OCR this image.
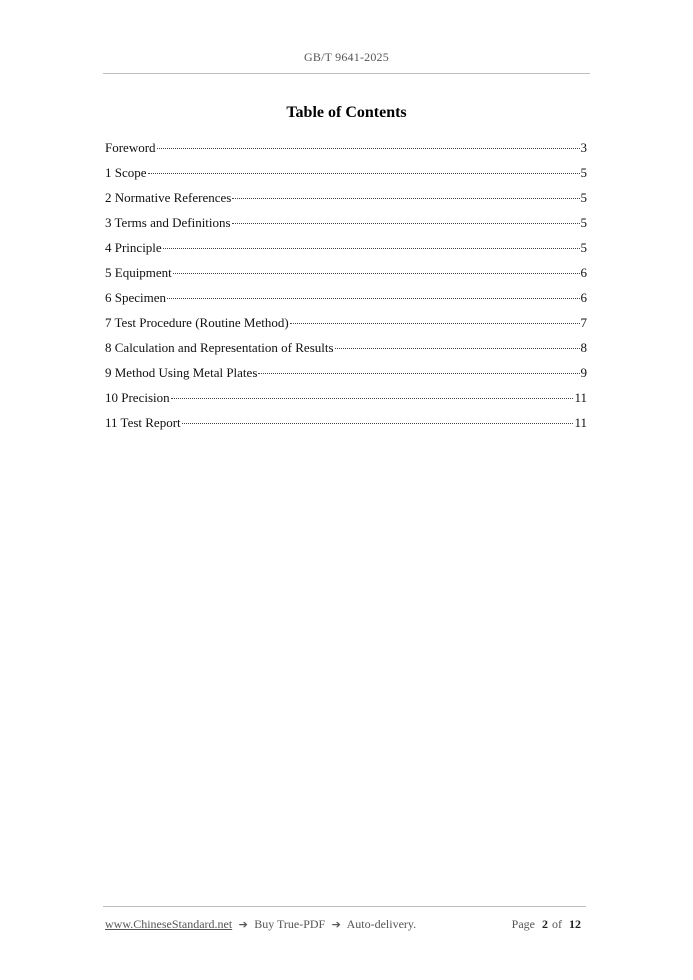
GB/T 9641-2025
Table of Contents
Foreword	3
1 Scope	5
2 Normative References	5
3 Terms and Definitions	5
4 Principle	5
5 Equipment	6
6 Specimen	6
7 Test Procedure (Routine Method)	7
8 Calculation and Representation of Results	8
9 Method Using Metal Plates	9
10 Precision	11
11 Test Report	11
www.ChineseStandard.net ➔ Buy True-PDF ➔ Auto-delivery.	Page 2 of 12
